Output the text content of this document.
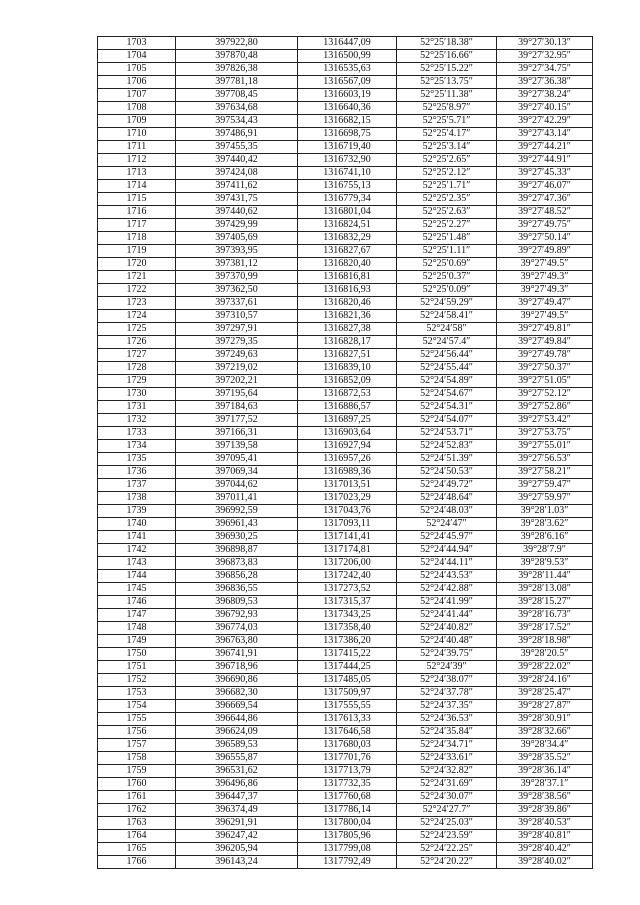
1703	397922,80	1316447,09	52°25′18.38″	39°27′30.13″
1704	397870,48	1316500,99	52°25′16.66″	39°27′32.95″
1705	397826,38	1316535,63	52°25′15.22″	39°27′34.75″
1706	397781,18	1316567,09	52°25′13.75″	39°27′36.38″
1707	397708,45	1316603,19	52°25′11.38″	39°27′38.24″
1708	397634,68	1316640,36	52°25′8.97″	39°27′40.15″
1709	397534,43	1316682,15	52°25′5.71″	39°27′42.29″
1710	397486,91	1316698,75	52°25′4.17″	39°27′43.14″
1711	397455,35	1316719,40	52°25′3.14″	39°27′44.21″
1712	397440,42	1316732,90	52°25′2.65″	39°27′44.91″
1713	397424,08	1316741,10	52°25′2.12″	39°27′45.33″
1714	397411,62	1316755,13	52°25′1.71″	39°27′46.07″
1715	397431,75	1316779,34	52°25′2.35″	39°27′47.36″
1716	397440,62	1316801,04	52°25′2.63″	39°27′48.52″
1717	397429,99	1316824,51	52°25′2.27″	39°27′49.75″
1718	397405,69	1316832,29	52°25′1.48″	39°27′50.14″
1719	397393,95	1316827,67	52°25′1.11″	39°27′49.89″
1720	397381,12	1316820,40	52°25′0.69″	39°27′49.5″
1721	397370,99	1316816,81	52°25′0.37″	39°27′49.3″
1722	397362,50	1316816,93	52°25′0.09″	39°27′49.3″
1723	397337,61	1316820,46	52°24′59.29″	39°27′49.47″
1724	397310,57	1316821,36	52°24′58.41″	39°27′49.5″
1725	397297,91	1316827,38	52°24′58″	39°27′49.81″
1726	397279,35	1316828,17	52°24′57.4″	39°27′49.84″
1727	397249,63	1316827,51	52°24′56.44″	39°27′49.78″
1728	397219,02	1316839,10	52°24′55.44″	39°27′50.37″
1729	397202,21	1316852,09	52°24′54.89″	39°27′51.05″
1730	397195,64	1316872,53	52°24′54.67″	39°27′52.12″
1731	397184,63	1316886,57	52°24′54.31″	39°27′52.86″
1732	397177,52	1316897,25	52°24′54.07″	39°27′53.42″
1733	397166,31	1316903,64	52°24′53.71″	39°27′53.75″
1734	397139,58	1316927,94	52°24′52.83″	39°27′55.01″
1735	397095,41	1316957,26	52°24′51.39″	39°27′56.53″
1736	397069,34	1316989,36	52°24′50.53″	39°27′58.21″
1737	397044,62	1317013,51	52°24′49.72″	39°27′59.47″
1738	397011,41	1317023,29	52°24′48.64″	39°27′59.97″
1739	396992,59	1317043,76	52°24′48.03″	39°28′1.03″
1740	396961,43	1317093,11	52°24′47″	39°28′3.62″
1741	396930,25	1317141,41	52°24′45.97″	39°28′6.16″
1742	396898,87	1317174,81	52°24′44.94″	39°28′7.9″
1743	396873,83	1317206,00	52°24′44.11″	39°28′9.53″
1744	396856,28	1317242,40	52°24′43.53″	39°28′11.44″
1745	396836,55	1317273,52	52°24′42.88″	39°28′13.08″
1746	396809,53	1317315,37	52°24′41.99″	39°28′15.27″
1747	396792,93	1317343,25	52°24′41.44″	39°28′16.73″
1748	396774,03	1317358,40	52°24′40.82″	39°28′17.52″
1749	396763,80	1317386,20	52°24′40.48″	39°28′18.98″
1750	396741,91	1317415,22	52°24′39.75″	39°28′20.5″
1751	396718,96	1317444,25	52°24′39″	39°28′22.02″
1752	396690,86	1317485,05	52°24′38.07″	39°28′24.16″
1753	396682,30	1317509,97	52°24′37.78″	39°28′25.47″
1754	396669,54	1317555,55	52°24′37.35″	39°28′27.87″
1755	396644,86	1317613,33	52°24′36.53″	39°28′30.91″
1756	396624,09	1317646,58	52°24′35.84″	39°28′32.66″
1757	396589,53	1317680,03	52°24′34.71″	39°28′34.4″
1758	396555,87	1317701,76	52°24′33.61″	39°28′35.52″
1759	396531,62	1317713,79	52°24′32.82″	39°28′36.14″
1760	396496,86	1317732,35	52°24′31.69″	39°28′37.1″
1761	396447,37	1317760,68	52°24′30.07″	39°28′38.56″
1762	396374,49	1317786,14	52°24′27.7″	39°28′39.86″
1763	396291,91	1317800,04	52°24′25.03″	39°28′40.53″
1764	396247,42	1317805,96	52°24′23.59″	39°28′40.81″
1765	396205,94	1317799,08	52°24′22.25″	39°28′40.42″
1766	396143,24	1317792,49	52°24′20.22″	39°28′40.02″
